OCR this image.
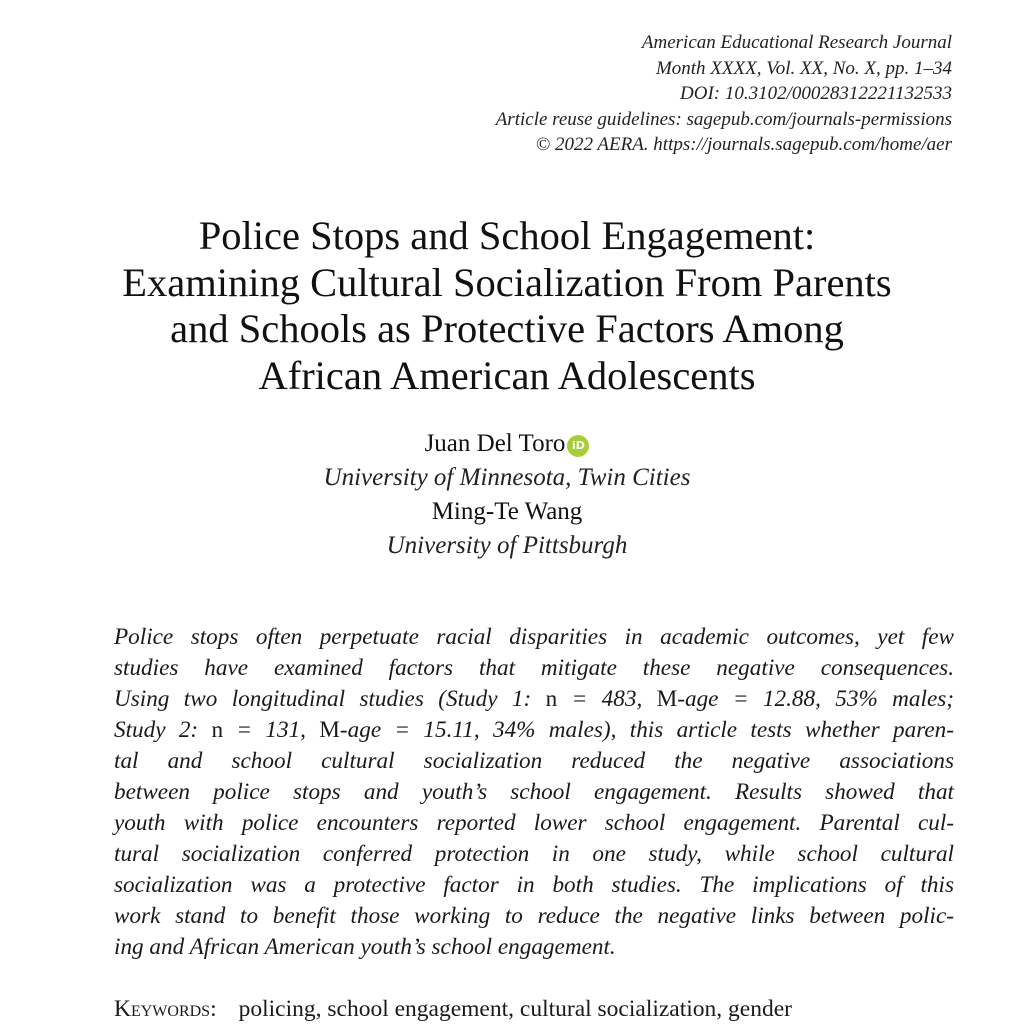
American Educational Research Journal
Month XXXX, Vol. XX, No. X, pp. 1–34
DOI: 10.3102/00028312221132533
Article reuse guidelines: sagepub.com/journals-permissions
© 2022 AERA. https://journals.sagepub.com/home/aer
Police Stops and School Engagement:
Examining Cultural Socialization From Parents
and Schools as Protective Factors Among
African American Adolescents
Juan Del Toro iD
University of Minnesota, Twin Cities
Ming-Te Wang
University of Pittsburgh
Police stops often perpetuate racial disparities in academic outcomes, yet few
studies have examined factors that mitigate these negative consequences.
Using two longitudinal studies (Study 1: n = 483, M-age = 12.88, 53% males;
Study 2: n = 131, M-age = 15.11, 34% males), this article tests whether paren-
tal and school cultural socialization reduced the negative associations
between police stops and youth’s school engagement. Results showed that
youth with police encounters reported lower school engagement. Parental cul-
tural socialization conferred protection in one study, while school cultural
socialization was a protective factor in both studies. The implications of this
work stand to benefit those working to reduce the negative links between polic-
ing and African American youth’s school engagement.
Keywords: policing, school engagement, cultural socialization, gender
